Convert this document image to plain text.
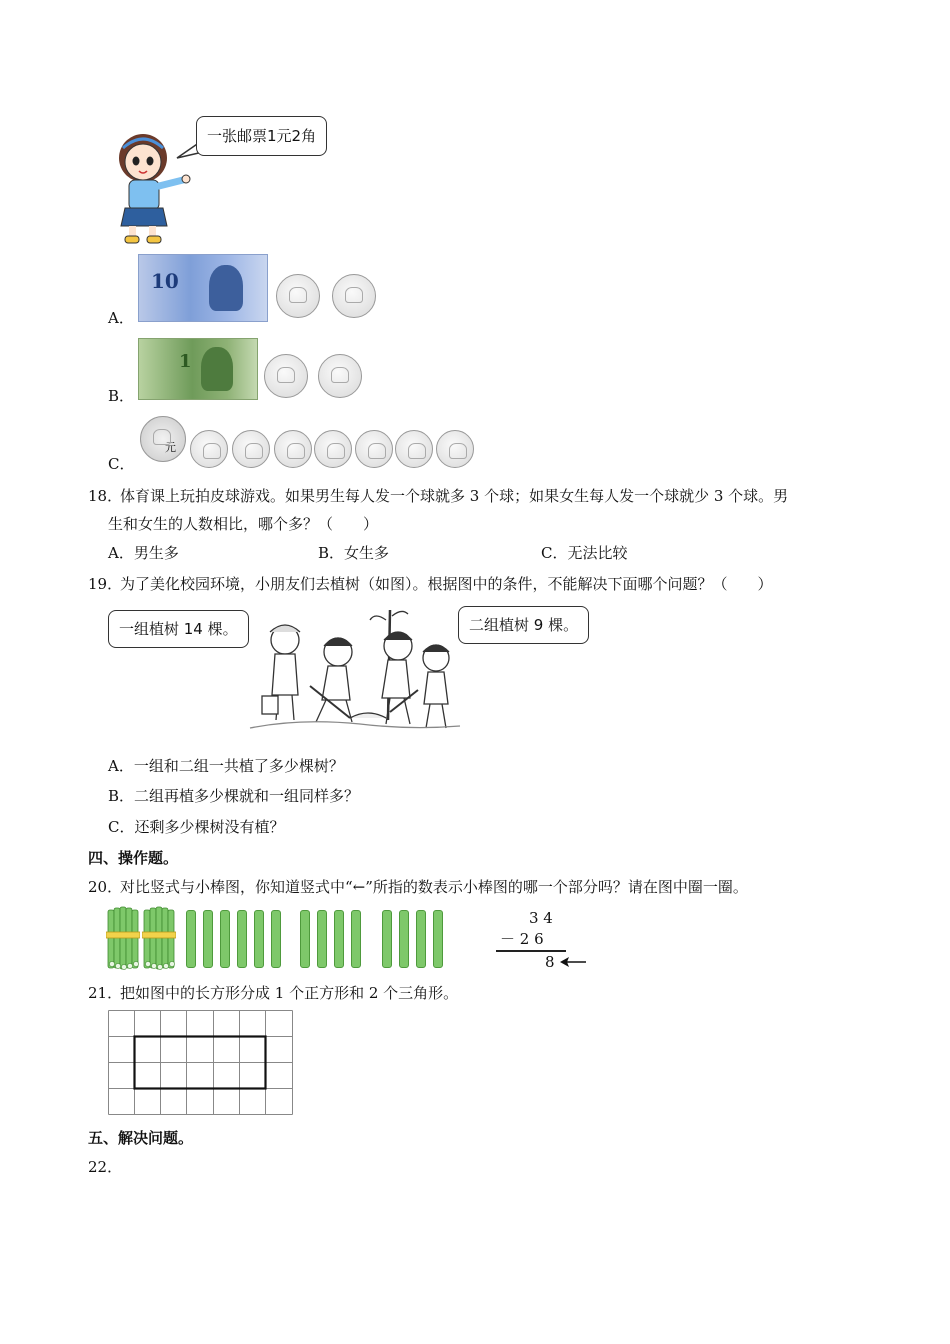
一张邮票1元2角
A．
10
B．
1
C．
元
18．
体育课上玩拍皮球游戏。如果男生每人发一个球就多 3 个球；如果女生每人发一个球就少 3 个球。男
生和女生的人数相比，哪个多？（　　）
A．男生多	B．女生多	C．无法比较
19．
为了美化校园环境，小朋友们去植树（如图）。根据图中的条件，不能解决下面哪个问题？（　　）
一组植树 14 棵。	二组植树 9 棵。
A．一组和二组一共植了多少棵树？
B．二组再植多少棵就和一组同样多？
C．还剩多少棵树没有植？
四、操作题。
20．
对比竖式与小棒图，你知道竖式中“←”所指的数表示小棒图的哪一个部分吗？请在图中圈一圈。
3 4
－ 2 6
8
21．
把如图中的长方形分成 1 个正方形和 2 个三角形。
五、解决问题。
22．
